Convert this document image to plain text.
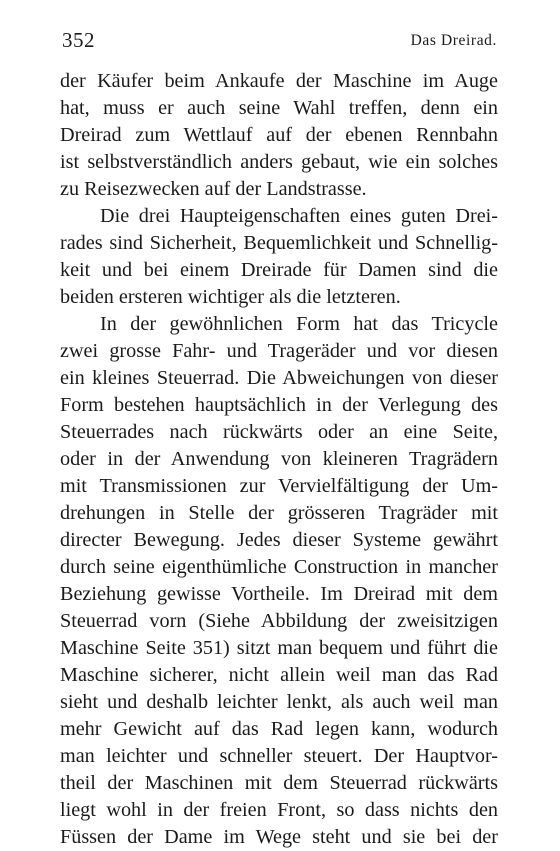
352	Das Dreirad.
der Käufer beim Ankaufe der Maschine im Auge
hat, muss er auch seine Wahl treffen, denn ein
Dreirad zum Wettlauf auf der ebenen Rennbahn
ist selbstverständlich anders gebaut, wie ein solches
zu Reisezwecken auf der Landstrasse.
Die drei Haupteigenschaften eines guten Drei-
rades sind Sicherheit, Bequemlichkeit und Schnellig-
keit und bei einem Dreirade für Damen sind die
beiden ersteren wichtiger als die letzteren.
In der gewöhnlichen Form hat das Tricycle
zwei grosse Fahr- und Trageräder und vor diesen
ein kleines Steuerrad. Die Abweichungen von dieser
Form bestehen hauptsächlich in der Verlegung des
Steuerrades nach rückwärts oder an eine Seite,
oder in der Anwendung von kleineren Tragrädern
mit Transmissionen zur Vervielfältigung der Um-
drehungen in Stelle der grösseren Tragräder mit
directer Bewegung. Jedes dieser Systeme gewährt
durch seine eigenthümliche Construction in mancher
Beziehung gewisse Vortheile. Im Dreirad mit dem
Steuerrad vorn (Siehe Abbildung der zweisitzigen
Maschine Seite 351) sitzt man bequem und führt die
Maschine sicherer, nicht allein weil man das Rad
sieht und deshalb leichter lenkt, als auch weil man
mehr Gewicht auf das Rad legen kann, wodurch
man leichter und schneller steuert. Der Hauptvor-
theil der Maschinen mit dem Steuerrad rückwärts
liegt wohl in der freien Front, so dass nichts den
Füssen der Dame im Wege steht und sie bei der
